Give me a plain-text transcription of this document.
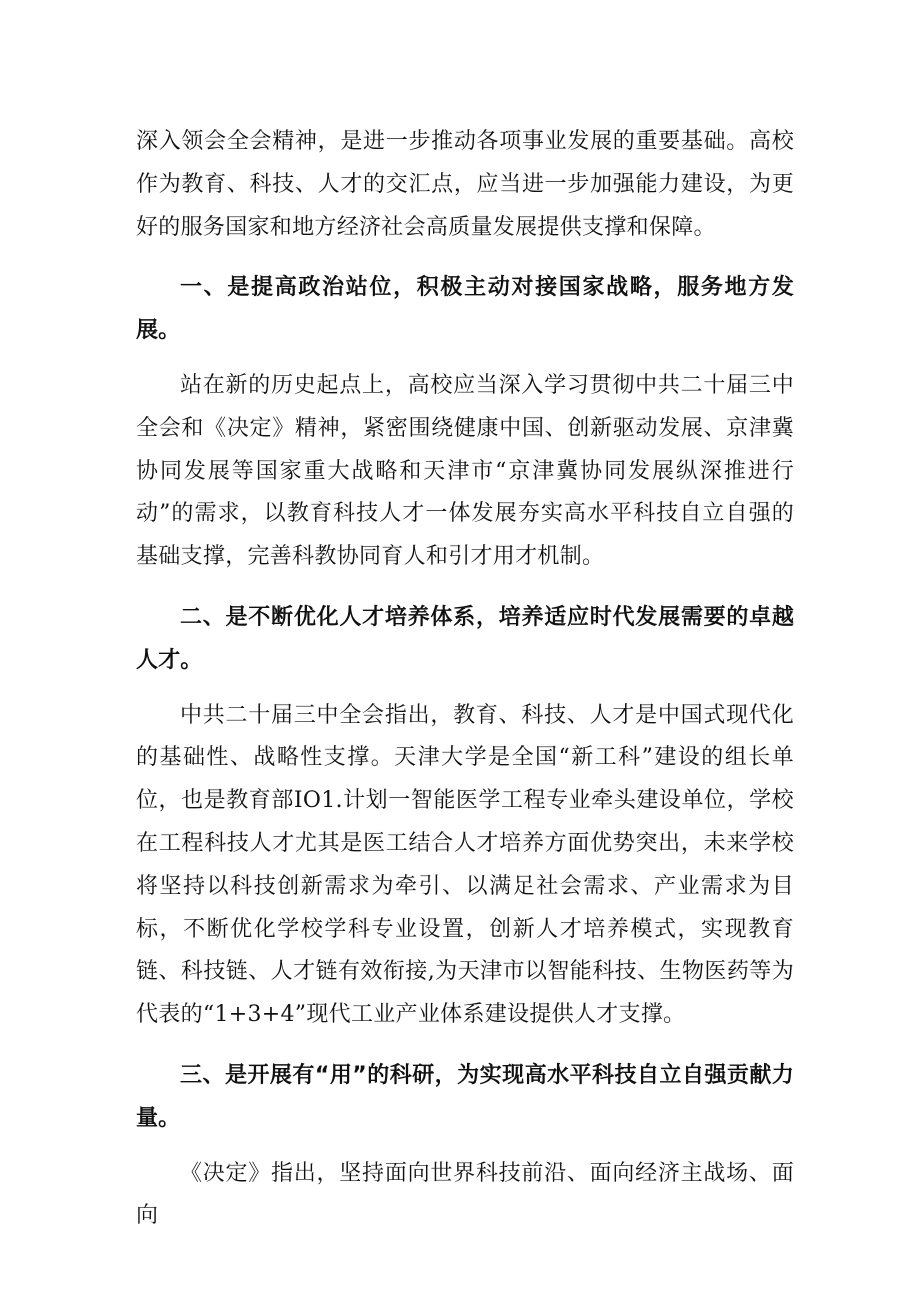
深入领会全会精神，是进一步推动各项事业发展的重要基础。高校作为教育、科技、人才的交汇点，应当进一步加强能力建设，为更好的服务国家和地方经济社会高质量发展提供支撑和保障。

一、是提高政治站位，积极主动对接国家战略，服务地方发展。

站在新的历史起点上，高校应当深入学习贯彻中共二十届三中全会和《决定》精神，紧密围绕健康中国、创新驱动发展、京津冀协同发展等国家重大战略和天津市“京津冀协同发展纵深推进行动”的需求，以教育科技人才一体发展夯实高水平科技自立自强的基础支撑，完善科教协同育人和引才用才机制。

二、是不断优化人才培养体系，培养适应时代发展需要的卓越人才。

中共二十届三中全会指出，教育、科技、人才是中国式现代化的基础性、战略性支撑。天津大学是全国“新工科”建设的组长单位，也是教育部IO1.计划一智能医学工程专业牵头建设单位，学校在工程科技人才尤其是医工结合人才培养方面优势突出，未来学校将坚持以科技创新需求为牵引、以满足社会需求、产业需求为目标，不断优化学校学科专业设置，创新人才培养模式，实现教育链、科技链、人才链有效衔接,为天津市以智能科技、生物医药等为代表的“1+3+4”现代工业产业体系建设提供人才支撑。

三、是开展有“用”的科研，为实现高水平科技自立自强贡献力量。

《决定》指出，坚持面向世界科技前沿、面向经济主战场、面向
